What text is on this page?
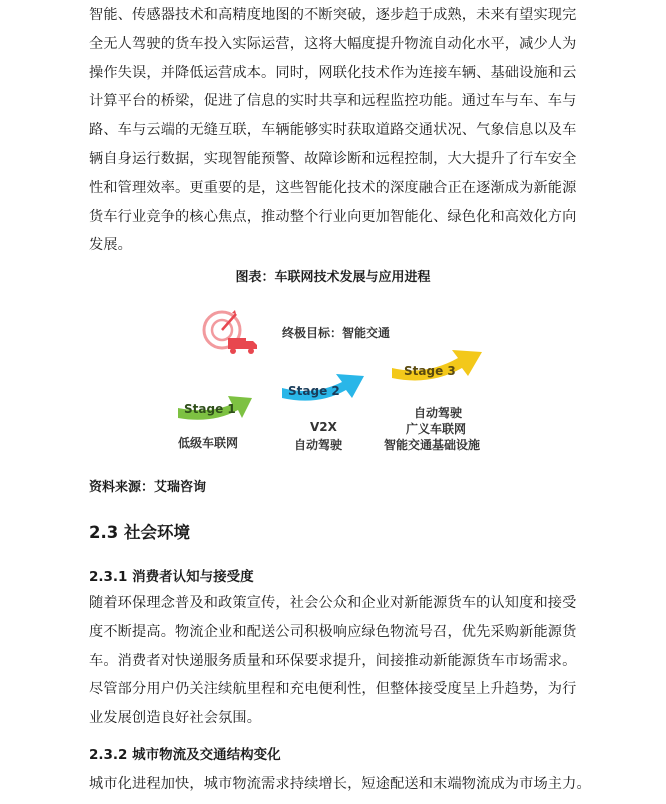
智能、传感器技术和高精度地图的不断突破，逐步趋于成熟，未来有望实现完
全无人驾驶的货车投入实际运营，这将大幅度提升物流自动化水平，减少人为
操作失误，并降低运营成本。同时，网联化技术作为连接车辆、基础设施和云
计算平台的桥梁，促进了信息的实时共享和远程监控功能。通过车与车、车与
路、车与云端的无缝互联，车辆能够实时获取道路交通状况、气象信息以及车
辆自身运行数据，实现智能预警、故障诊断和远程控制，大大提升了行车安全
性和管理效率。更重要的是，这些智能化技术的深度融合正在逐渐成为新能源
货车行业竞争的核心焦点，推动整个行业向更加智能化、绿色化和高效化方向
发展。

图表：车联网技术发展与应用进程
终极目标：智能交通
Stage 1
低级车联网
Stage 2
V2X
自动驾驶
Stage 3
自动驾驶
广义车联网
智能交通基础设施
资料来源：艾瑞咨询
2.3 社会环境
2.3.1 消费者认知与接受度

随着环保理念普及和政策宣传，社会公众和企业对新能源货车的认知度和接受
度不断提高。物流企业和配送公司积极响应绿色物流号召，优先采购新能源货
车。消费者对快递服务质量和环保要求提升，间接推动新能源货车市场需求。
尽管部分用户仍关注续航里程和充电便利性，但整体接受度呈上升趋势，为行
业发展创造良好社会氛围。

2.3.2 城市物流及交通结构变化

城市化进程加快，城市物流需求持续增长，短途配送和末端物流成为市场主力。
